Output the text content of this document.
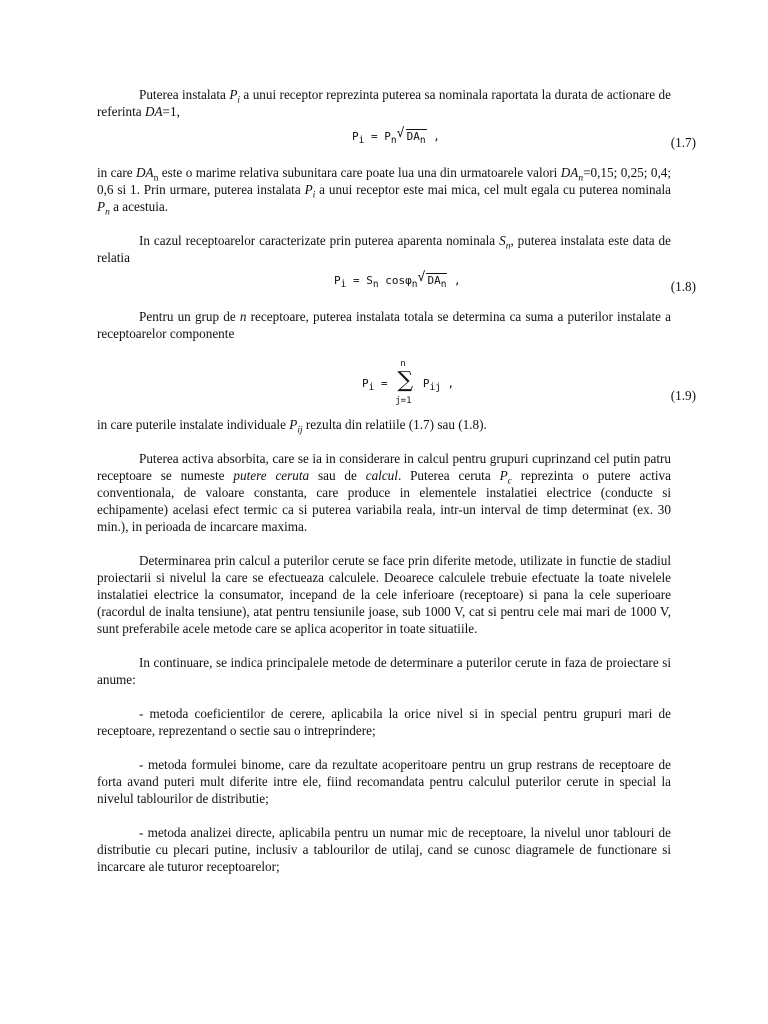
Puterea instalata $P_i$ a unui receptor reprezinta puterea sa nominala raportata la durata de actionare de referinta DA=1,

$P_i = P_n$ √ $DA_n$ ,	(1.7)

in care $DA_n$ este o marime relativa subunitara care poate lua una din urmatoarele valori $DA_n=0,15$; 0,25; 0,4; 0,6 si 1. Prin urmare, puterea instalata $P_i$ a unui receptor este mai mica, cel mult egala cu puterea nominala $P_n$ a acestuia.

In cazul receptoarelor caracterizate prin puterea aparenta nominala $S_n$, puterea instalata este data de relatia

$P_i = S_n$ cosφ$_n$ √ $DA_n$ ,	(1.8)

Pentru un grup de n receptoare, puterea instalata totala se determina ca suma a puterilor instalate a receptoarelor componente

$P_i$ =
n
∑
j=1
$P_{ij}$ ,
(1.9)

in care puterile instalate individuale $P_{ij}$ rezulta din relatiile (1.7) sau (1.8).

Puterea activa absorbita, care se ia in considerare in calcul pentru grupuri cuprinzand cel putin patru receptoare se numeste putere ceruta sau de calcul. Puterea ceruta $P_c$ reprezinta o putere activa conventionala, de valoare constanta, care produce in elementele instalatiei electrice (conducte si echipamente) acelasi efect termic ca si puterea variabila reala, intr-un interval de timp determinat (ex. 30 min.), in perioada de incarcare maxima.

Determinarea prin calcul a puterilor cerute se face prin diferite metode, utilizate in functie de stadiul proiectarii si nivelul la care se efectueaza calculele. Deoarece calculele trebuie efectuate la toate nivelele instalatiei electrice la consumator, incepand de la cele inferioare (receptoare) si pana la cele superioare (racordul de inalta tensiune), atat pentru tensiunile joase, sub 1000 V, cat si pentru cele mai mari de 1000 V, sunt preferabile acele metode care se aplica acoperitor in toate situatiile.

In continuare, se indica principalele metode de determinare a puterilor cerute in faza de proiectare si anume:

- metoda coeficientilor de cerere, aplicabila la orice nivel si in special pentru grupuri mari de receptoare, reprezentand o sectie sau o intreprindere;

- metoda formulei binome, care da rezultate acoperitoare pentru un grup restrans de receptoare de forta avand puteri mult diferite intre ele, fiind recomandata pentru calculul puterilor cerute in special la nivelul tablourilor de distributie;

- metoda analizei directe, aplicabila pentru un numar mic de receptoare, la nivelul unor tablouri de distributie cu plecari putine, inclusiv a tablourilor de utilaj, cand se cunosc diagramele de functionare si incarcare ale tuturor receptoarelor;
